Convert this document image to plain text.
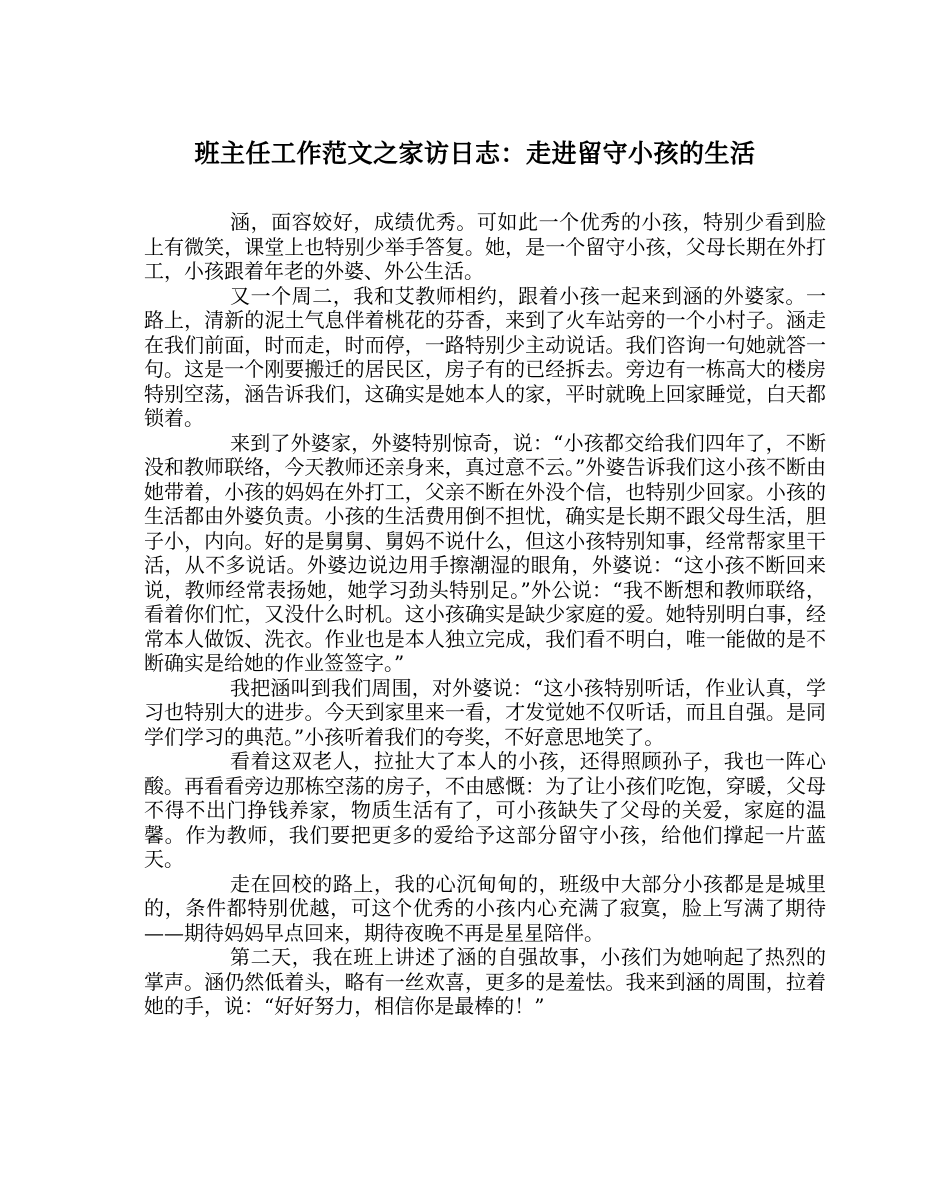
班主任工作范文之家访日志：走进留守小孩的生活

涵，面容姣好，成绩优秀。可如此一个优秀的小孩，特别少看到脸上有微笑，课堂上也特别少举手答复。她，是一个留守小孩，父母长期在外打工，小孩跟着年老的外婆、外公生活。

又一个周二，我和艾教师相约，跟着小孩一起来到涵的外婆家。一路上，清新的泥土气息伴着桃花的芬香，来到了火车站旁的一个小村子。涵走在我们前面，时而走，时而停，一路特别少主动说话。我们咨询一句她就答一句。这是一个刚要搬迁的居民区，房子有的已经拆去。旁边有一栋高大的楼房特别空荡，涵告诉我们，这确实是她本人的家，平时就晚上回家睡觉，白天都锁着。

来到了外婆家，外婆特别惊奇，说：“小孩都交给我们四年了，不断没和教师联络，今天教师还亲身来，真过意不云。”外婆告诉我们这小孩不断由她带着，小孩的妈妈在外打工，父亲不断在外没个信，也特别少回家。小孩的生活都由外婆负责。小孩的生活费用倒不担忧，确实是长期不跟父母生活，胆子小，内向。好的是舅舅、舅妈不说什么，但这小孩特别知事，经常帮家里干活，从不多说话。外婆边说边用手擦潮湿的眼角，外婆说：“这小孩不断回来说，教师经常表扬她，她学习劲头特别足。”外公说：“我不断想和教师联络，看着你们忙，又没什么时机。这小孩确实是缺少家庭的爱。她特别明白事，经常本人做饭、洗衣。作业也是本人独立完成，我们看不明白，唯一能做的是不断确实是给她的作业签签字。”

我把涵叫到我们周围，对外婆说：“这小孩特别听话，作业认真，学习也特别大的进步。今天到家里来一看，才发觉她不仅听话，而且自强。是同学们学习的典范。”小孩听着我们的夸奖，不好意思地笑了。

看着这双老人，拉扯大了本人的小孩，还得照顾孙子，我也一阵心酸。再看看旁边那栋空荡的房子，不由感慨：为了让小孩们吃饱，穿暖，父母不得不出门挣钱养家，物质生活有了，可小孩缺失了父母的关爱，家庭的温馨。作为教师，我们要把更多的爱给予这部分留守小孩，给他们撑起一片蓝天。

走在回校的路上，我的心沉甸甸的，班级中大部分小孩都是是城里的，条件都特别优越，可这个优秀的小孩内心充满了寂寞，脸上写满了期待——期待妈妈早点回来，期待夜晚不再是星星陪伴。

第二天，我在班上讲述了涵的自强故事，小孩们为她响起了热烈的掌声。涵仍然低着头，略有一丝欢喜，更多的是羞怯。我来到涵的周围，拉着她的手，说：“好好努力，相信你是最棒的！”
